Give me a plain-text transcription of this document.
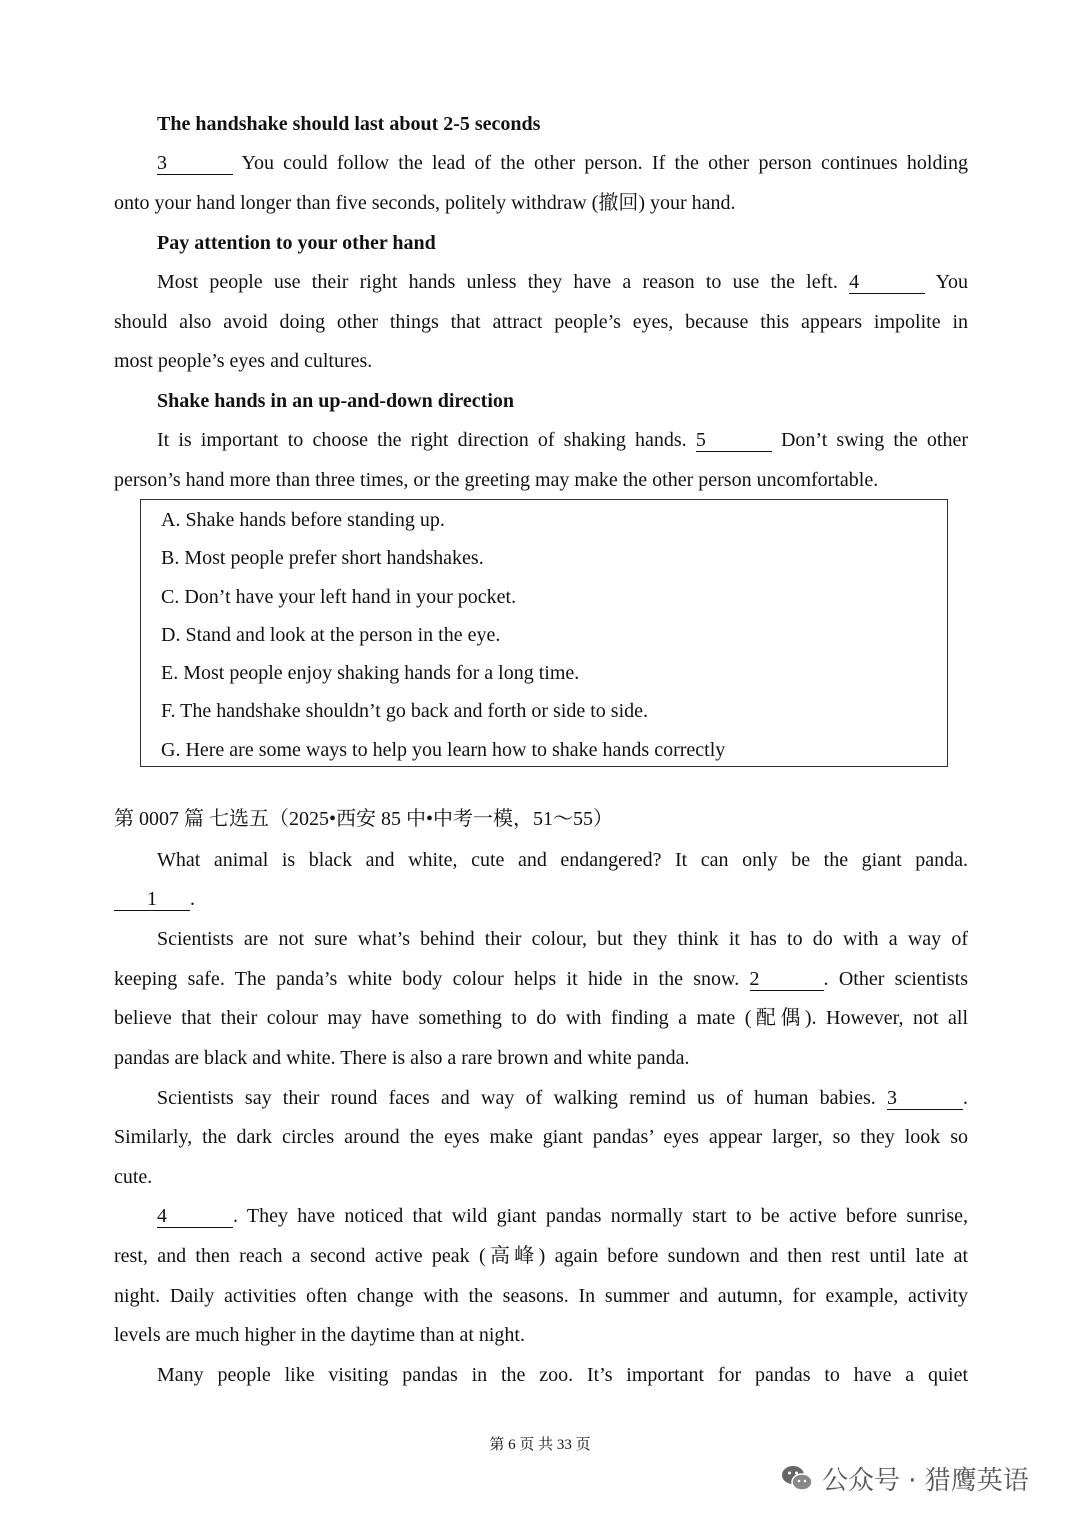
The handshake should last about 2-5 seconds
3	You could follow the lead of the other person. If the other person continues holding
onto your hand longer than five seconds, politely withdraw (撤回) your hand.
Pay attention to your other hand
Most people use their right hands unless they have a reason to use the left. 4	You
should also avoid doing other things that attract people’s eyes, because this appears impolite in
most people’s eyes and cultures.
Shake hands in an up-and-down direction
It is important to choose the right direction of shaking hands. 5	Don’t swing the other
person’s hand more than three times, or the greeting may make the other person uncomfortable.
A. Shake hands before standing up.
B. Most people prefer short handshakes.
C. Don’t have your left hand in your pocket.
D. Stand and look at the person in the eye.
E. Most people enjoy shaking hands for a long time.
F. The handshake shouldn’t go back and forth or side to side.
G. Here are some ways to help you learn how to shake hands correctly
第 0007 篇 七选五（2025•西安 85 中•中考一模，51～55）
What animal is black and white, cute and endangered? It can only be the giant panda.
1 .
Scientists are not sure what’s behind their colour, but they think it has to do with a way of
keeping safe. The panda’s white body colour helps it hide in the snow. 2	. Other scientists
believe that their colour may have something to do with finding a mate (配偶). However, not all
pandas are black and white. There is also a rare brown and white panda.
Scientists say their round faces and way of walking remind us of human babies. 3	.
Similarly, the dark circles around the eyes make giant pandas’ eyes appear larger, so they look so
cute.
4	. They have noticed that wild giant pandas normally start to be active before sunrise,
rest, and then reach a second active peak (高峰) again before sundown and then rest until late at
night. Daily activities often change with the seasons. In summer and autumn, for example, activity
levels are much higher in the daytime than at night.
Many people like visiting pandas in the zoo. It’s important for pandas to have a quiet
第 6 页 共 33 页
公众号 · 猎鹰英语
